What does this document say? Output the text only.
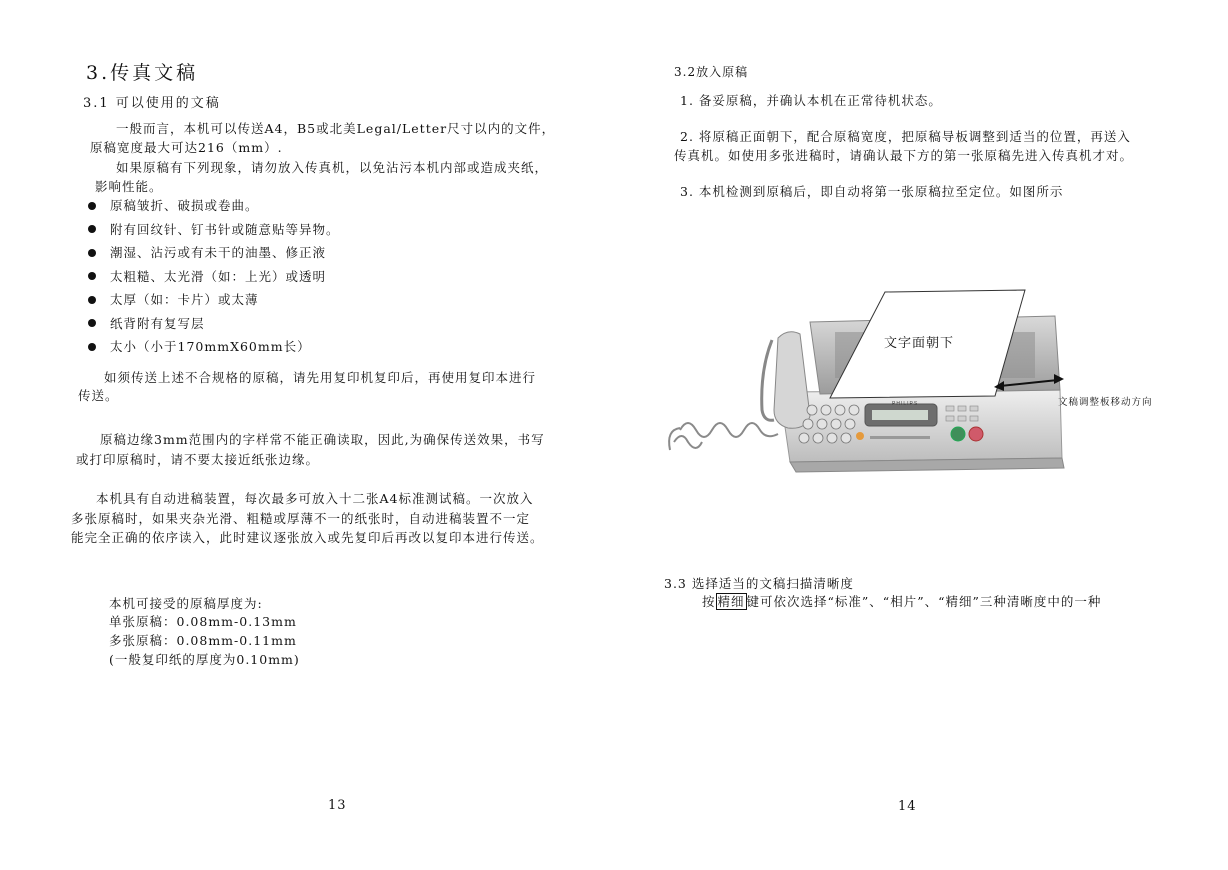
3.传真文稿
3.1 可以使用的文稿
一般而言，本机可以传送A4，B5或北美Legal/Letter尺寸以内的文件，
原稿宽度最大可达216（mm）.
如果原稿有下列现象，请勿放入传真机，以免沾污本机内部或造成夹纸，
影响性能。
原稿皱折、破损或卷曲。
附有回纹针、钉书针或随意贴等异物。
潮湿、沾污或有未干的油墨、修正液
太粗糙、太光滑（如：上光）或透明
太厚（如：卡片）或太薄
纸背附有复写层
太小（小于170mmX60mm长）
如须传送上述不合规格的原稿，请先用复印机复印后，再使用复印本进行
传送。
原稿边缘3mm范围内的字样常不能正确读取，因此,为确保传送效果，书写
或打印原稿时，请不要太接近纸张边缘。
本机具有自动进稿装置，每次最多可放入十二张A4标准测试稿。一次放入
多张原稿时，如果夹杂光滑、粗糙或厚薄不一的纸张时，自动进稿装置不一定
能完全正确的依序读入，此时建议逐张放入或先复印后再改以复印本进行传送。
本机可接受的原稿厚度为:
单张原稿：0.08mm-0.13mm
多张原稿：0.08mm-0.11mm
(一般复印纸的厚度为0.10mm)
13
3.2放入原稿
1. 备妥原稿，并确认本机在正常待机状态。
2. 将原稿正面朝下，配合原稿宽度，把原稿导板调整到适当的位置，再送入
传真机。如使用多张进稿时，请确认最下方的第一张原稿先进入传真机才对。
3. 本机检测到原稿后，即自动将第一张原稿拉至定位。如图所示
PHILIPS
文字面朝下
文稿调整板移动方向
3.3 选择适当的文稿扫描清晰度
按 精细 键可依次选择“标准”、“相片”、“精细”三种清晰度中的一种
14
